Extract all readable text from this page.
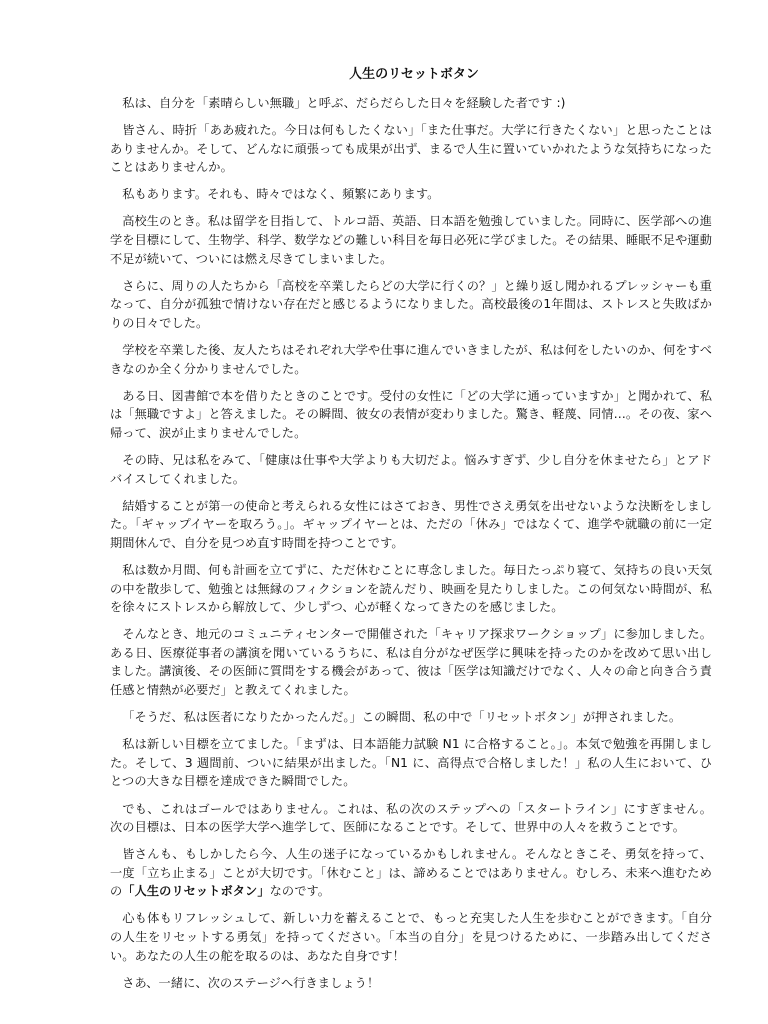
人生のリセットボタン

私は、自分を「素晴らしい無職」と呼ぶ、だらだらした日々を経験した者です :)

皆さん、時折「ああ疲れた。今日は何もしたくない」「また仕事だ。大学に行きたくない」と思ったことはありませんか。そして、どんなに頑張っても成果が出ず、まるで人生に置いていかれたような気持ちになったことはありませんか。

私もあります。それも、時々ではなく、頻繁にあります。

高校生のとき。私は留学を目指して、トルコ語、英語、日本語を勉強していました。同時に、医学部への進学を目標にして、生物学、科学、数学などの難しい科目を毎日必死に学びました。その結果、睡眠不足や運動不足が続いて、ついには燃え尽きてしまいました。

さらに、周りの人たちから「高校を卒業したらどの大学に行くの？」と繰り返し聞かれるプレッシャーも重なって、自分が孤独で情けない存在だと感じるようになりました。高校最後の1年間は、ストレスと失敗ばかりの日々でした。

学校を卒業した後、友人たちはそれぞれ大学や仕事に進んでいきましたが、私は何をしたいのか、何をすべきなのか全く分かりませんでした。

ある日、図書館で本を借りたときのことです。受付の女性に「どの大学に通っていますか」と聞かれて、私は「無職ですよ」と答えました。その瞬間、彼女の表情が変わりました。驚き、軽蔑、同情…。その夜、家へ帰って、涙が止まりませんでした。

その時、兄は私をみて、「健康は仕事や大学よりも大切だよ。悩みすぎず、少し自分を休ませたら」とアドバイスしてくれました。

結婚することが第一の使命と考えられる女性にはさておき、男性でさえ勇気を出せないような決断をしました。「ギャップイヤーを取ろう。」。ギャップイヤーとは、ただの「休み」ではなくて、進学や就職の前に一定期間休んで、自分を見つめ直す時間を持つことです。

私は数か月間、何も計画を立てずに、ただ休むことに専念しました。毎日たっぷり寝て、気持ちの良い天気の中を散歩して、勉強とは無縁のフィクションを読んだり、映画を見たりしました。この何気ない時間が、私を徐々にストレスから解放して、少しずつ、心が軽くなってきたのを感じました。

そんなとき、地元のコミュニティセンターで開催された「キャリア探求ワークショップ」に参加しました。ある日、医療従事者の講演を聞いているうちに、私は自分がなぜ医学に興味を持ったのかを改めて思い出しました。講演後、その医師に質問をする機会があって、彼は「医学は知識だけでなく、人々の命と向き合う責任感と情熱が必要だ」と教えてくれました。

「そうだ、私は医者になりたかったんだ。」この瞬間、私の中で「リセットボタン」が押されました。

私は新しい目標を立てました。「まずは、日本語能力試験 N1 に合格すること。」。本気で勉強を再開しました。そして、3 週間前、ついに結果が出ました。「N1 に、高得点で合格しました！」私の人生において、ひとつの大きな目標を達成できた瞬間でした。

でも、これはゴールではありません。これは、私の次のステップへの「スタートライン」にすぎません。次の目標は、日本の医学大学へ進学して、医師になることです。そして、世界中の人々を救うことです。

皆さんも、もしかしたら今、人生の迷子になっているかもしれません。そんなときこそ、勇気を持って、一度「立ち止まる」ことが大切です。「休むこと」は、諦めることではありません。むしろ、未来へ進むための「人生のリセットボタン」なのです。

心も体もリフレッシュして、新しい力を蓄えることで、もっと充実した人生を歩むことができます。「自分の人生をリセットする勇気」を持ってください。「本当の自分」を見つけるために、一歩踏み出してください。あなたの人生の舵を取るのは、あなた自身です！

さあ、一緒に、次のステージへ行きましょう！
